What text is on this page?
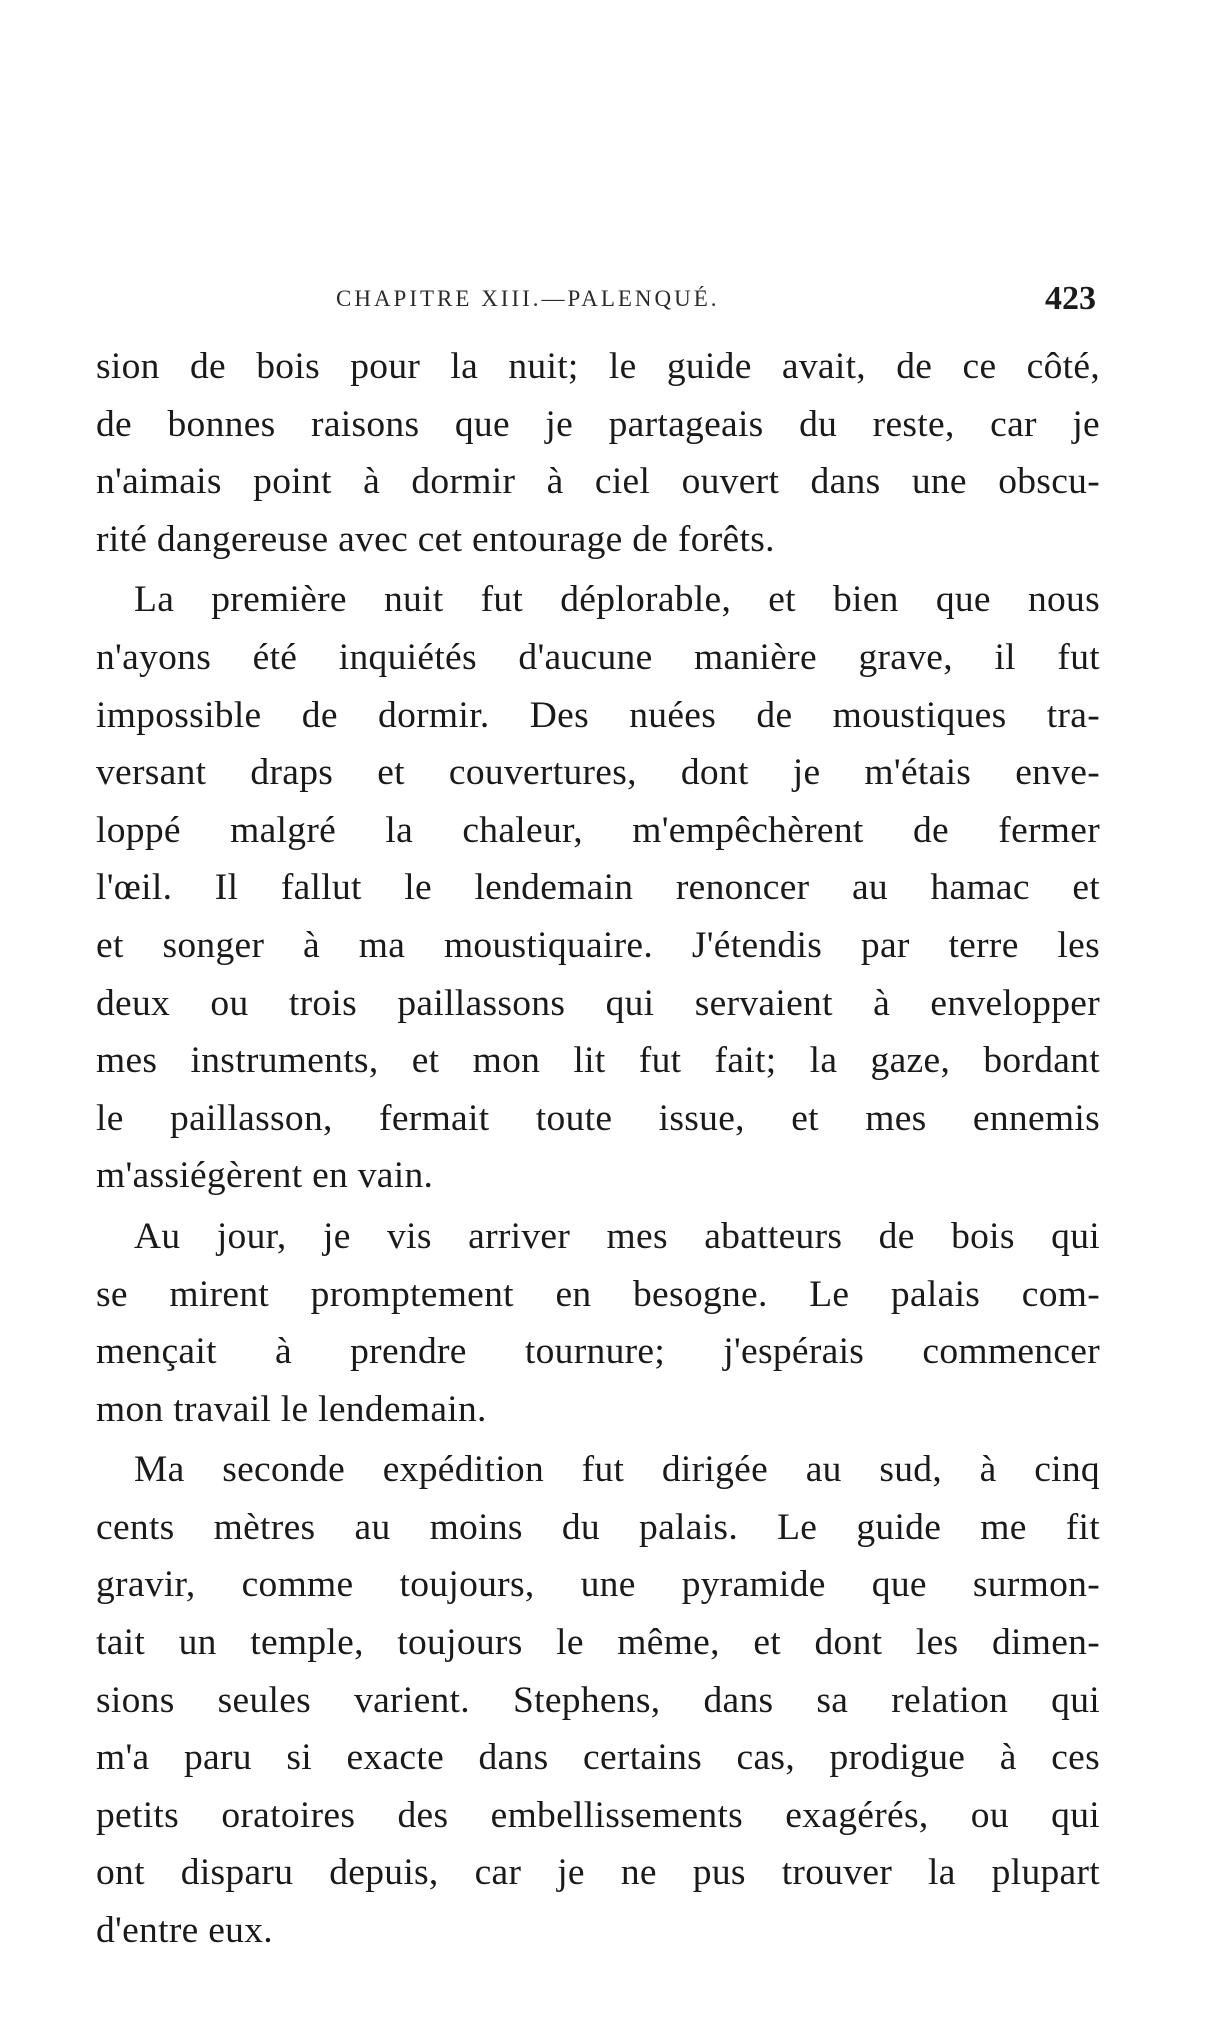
CHAPITRE XIII.—PALENQUÉ.	423

sion de bois pour la nuit; le guide avait, de ce côté,
de bonnes raisons que je partageais du reste, car je
n'aimais point à dormir à ciel ouvert dans une obscu-
rité dangereuse avec cet entourage de forêts.

La première nuit fut déplorable, et bien que nous
n'ayons été inquiétés d'aucune manière grave, il fut
impossible de dormir. Des nuées de moustiques tra-
versant draps et couvertures, dont je m'étais enve-
loppé malgré la chaleur, m'empêchèrent de fermer
l'œil. Il fallut le lendemain renoncer au hamac et
et songer à ma moustiquaire. J'étendis par terre les
deux ou trois paillassons qui servaient à envelopper
mes instruments, et mon lit fut fait; la gaze, bordant
le paillasson, fermait toute issue, et mes ennemis
m'assiégèrent en vain.

Au jour, je vis arriver mes abatteurs de bois qui
se mirent promptement en besogne. Le palais com-
mençait à prendre tournure; j'espérais commencer
mon travail le lendemain.

Ma seconde expédition fut dirigée au sud, à cinq
cents mètres au moins du palais. Le guide me fit
gravir, comme toujours, une pyramide que surmon-
tait un temple, toujours le même, et dont les dimen-
sions seules varient. Stephens, dans sa relation qui
m'a paru si exacte dans certains cas, prodigue à ces
petits oratoires des embellissements exagérés, ou qui
ont disparu depuis, car je ne pus trouver la plupart
d'entre eux.
